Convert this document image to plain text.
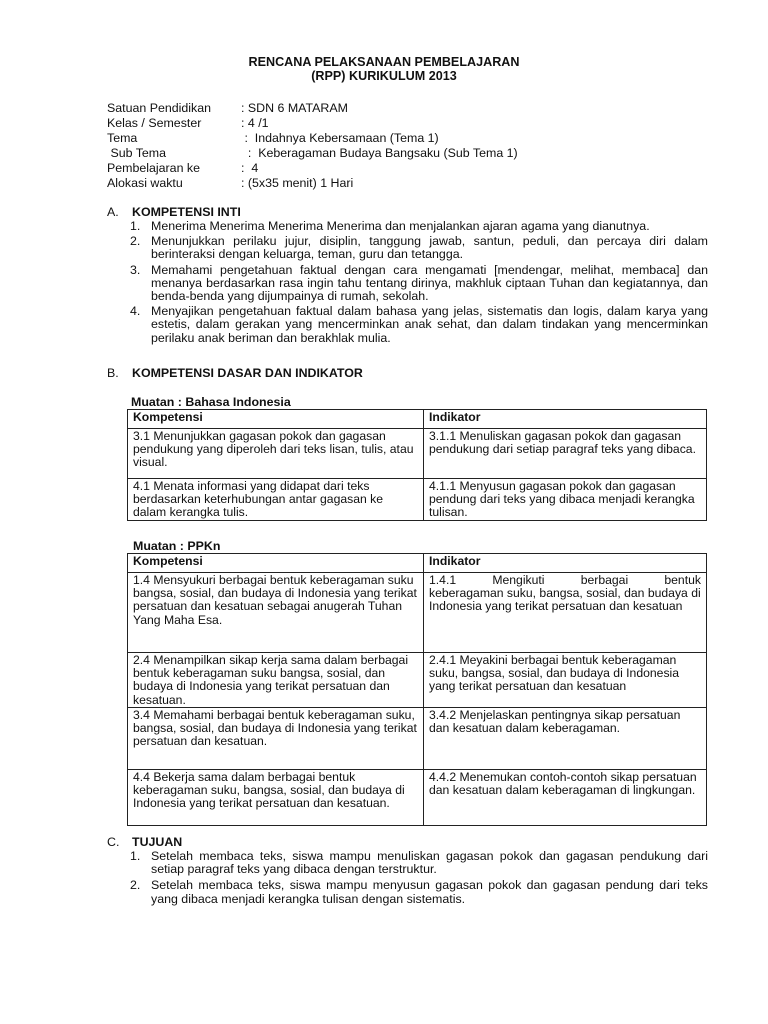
RENCANA PELAKSANAAN PEMBELAJARAN
(RPP) KURIKULUM 2013
Satuan Pendidikan	: SDN 6 MATARAM
Kelas / Semester	: 4 /1
Tema	:  Indahnya Kebersamaan (Tema 1)
Sub Tema	:  Keberagaman Budaya Bangsaku (Sub Tema 1)
Pembelajaran ke	:  4
Alokasi waktu	: (5x35 menit) 1 Hari
A. KOMPETENSI INTI
1. Menerima Menerima Menerima Menerima dan menjalankan ajaran agama yang dianutnya.
2. Menunjukkan perilaku jujur, disiplin, tanggung jawab, santun, peduli, dan percaya diri dalam berinteraksi dengan keluarga, teman, guru dan tetangga.
3. Memahami pengetahuan faktual dengan cara mengamati [mendengar, melihat, membaca] dan menanya berdasarkan rasa ingin tahu tentang dirinya, makhluk ciptaan Tuhan dan kegiatannya, dan benda-benda yang dijumpainya di rumah, sekolah.
4. Menyajikan pengetahuan faktual dalam bahasa yang jelas, sistematis dan logis, dalam karya yang estetis, dalam gerakan yang mencerminkan anak sehat, dan dalam tindakan yang mencerminkan perilaku anak beriman dan berakhlak mulia.
B. KOMPETENSI DASAR DAN INDIKATOR
Muatan : Bahasa Indonesia
Kompetensi	Indikator
3.1 Menunjukkan gagasan pokok dan gagasan pendukung yang diperoleh dari teks lisan, tulis, atau visual.	3.1.1 Menuliskan gagasan pokok dan gagasan pendukung dari setiap paragraf teks yang dibaca.
4.1 Menata informasi yang didapat dari teks berdasarkan keterhubungan antar gagasan ke dalam kerangka tulis.	4.1.1 Menyusun gagasan pokok dan gagasan pendung dari teks yang dibaca menjadi kerangka tulisan.
Muatan : PPKn
Kompetensi	Indikator
1.4 Mensyukuri berbagai bentuk keberagaman suku bangsa, sosial, dan budaya di Indonesia yang terikat persatuan dan kesatuan sebagai anugerah Tuhan Yang Maha Esa.	1.4.1 Mengikuti berbagai bentuk
keberagaman suku, bangsa, sosial, dan budaya di Indonesia yang terikat persatuan dan kesatuan

2.4 Menampilkan sikap kerja sama dalam berbagai bentuk keberagaman suku bangsa, sosial, dan budaya di Indonesia yang terikat persatuan dan kesatuan.	2.4.1 Meyakini berbagai bentuk keberagaman suku, bangsa, sosial, dan budaya di Indonesia yang terikat persatuan dan kesatuan
3.4 Memahami berbagai bentuk keberagaman suku, bangsa, sosial, dan budaya di Indonesia yang terikat persatuan dan kesatuan.	3.4.2 Menjelaskan pentingnya sikap persatuan dan kesatuan dalam keberagaman.
4.4 Bekerja sama dalam berbagai bentuk keberagaman suku, bangsa, sosial, dan budaya di Indonesia yang terikat persatuan dan kesatuan.	4.4.2 Menemukan contoh-contoh sikap persatuan dan kesatuan dalam keberagaman di lingkungan.
C. TUJUAN
1. Setelah membaca teks, siswa mampu menuliskan gagasan pokok dan gagasan pendukung dari setiap paragraf teks yang dibaca dengan terstruktur.
2. Setelah membaca teks, siswa mampu menyusun gagasan pokok dan gagasan pendung dari teks yang dibaca menjadi kerangka tulisan dengan sistematis.
